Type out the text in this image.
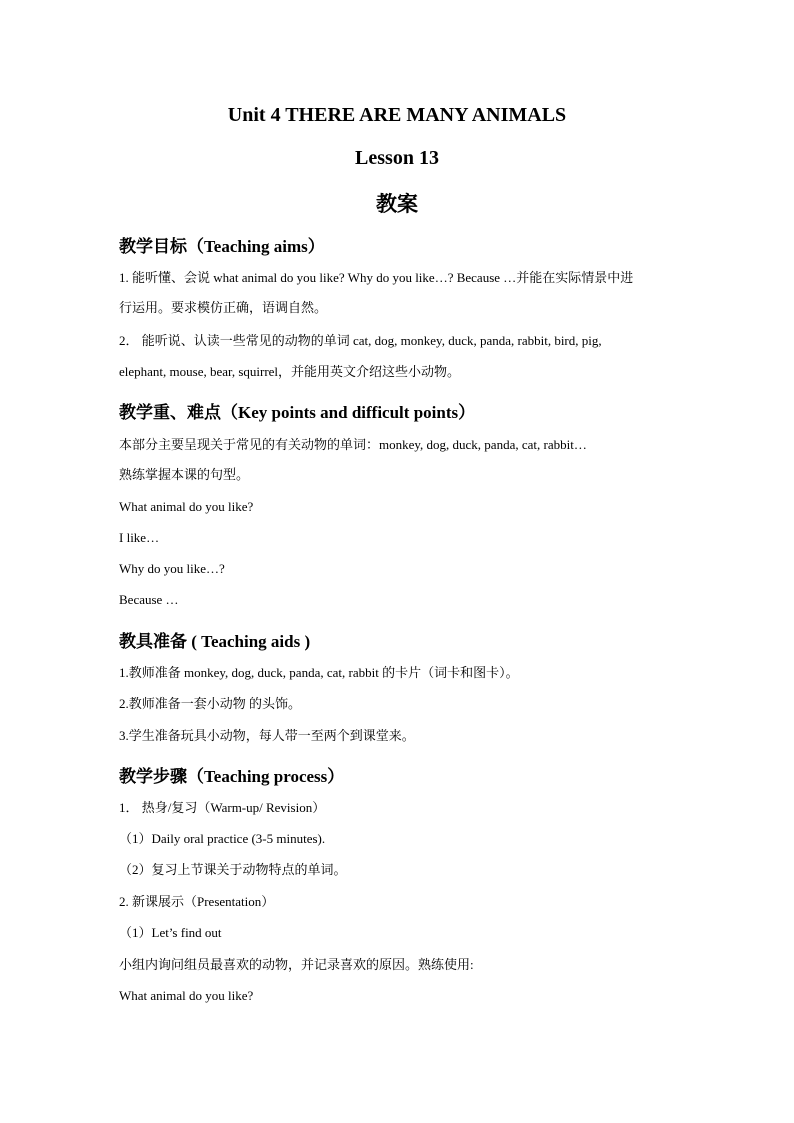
Unit 4 THERE ARE MANY ANIMALS
Lesson 13
教案
教学目标（Teaching aims）
1. 能听懂、会说 what animal do you like? Why do you like…? Because …并能在实际情景中进
行运用。要求模仿正确，语调自然。
2． 能听说、认读一些常见的动物的单词 cat, dog, monkey, duck, panda, rabbit, bird, pig,
elephant, mouse, bear, squirrel，并能用英文介绍这些小动物。
教学重、难点（Key points and difficult points）
本部分主要呈现关于常见的有关动物的单词：monkey, dog, duck, panda, cat, rabbit…
熟练掌握本课的句型。
What animal do you like?
I like…
Why do you like…?
Because …
教具准备 ( Teaching aids )
1.教师准备 monkey, dog, duck, panda, cat, rabbit 的卡片（词卡和图卡）。
2.教师准备一套小动物 的头饰。
3.学生准备玩具小动物，每人带一至两个到课堂来。
教学步骤（Teaching process）
1． 热身/复习（Warm-up/ Revision）
（1）Daily oral practice (3-5 minutes).
（2）复习上节课关于动物特点的单词。
2. 新课展示（Presentation）
（1）Let’s find out
小组内询问组员最喜欢的动物，并记录喜欢的原因。熟练使用:
What animal do you like?
